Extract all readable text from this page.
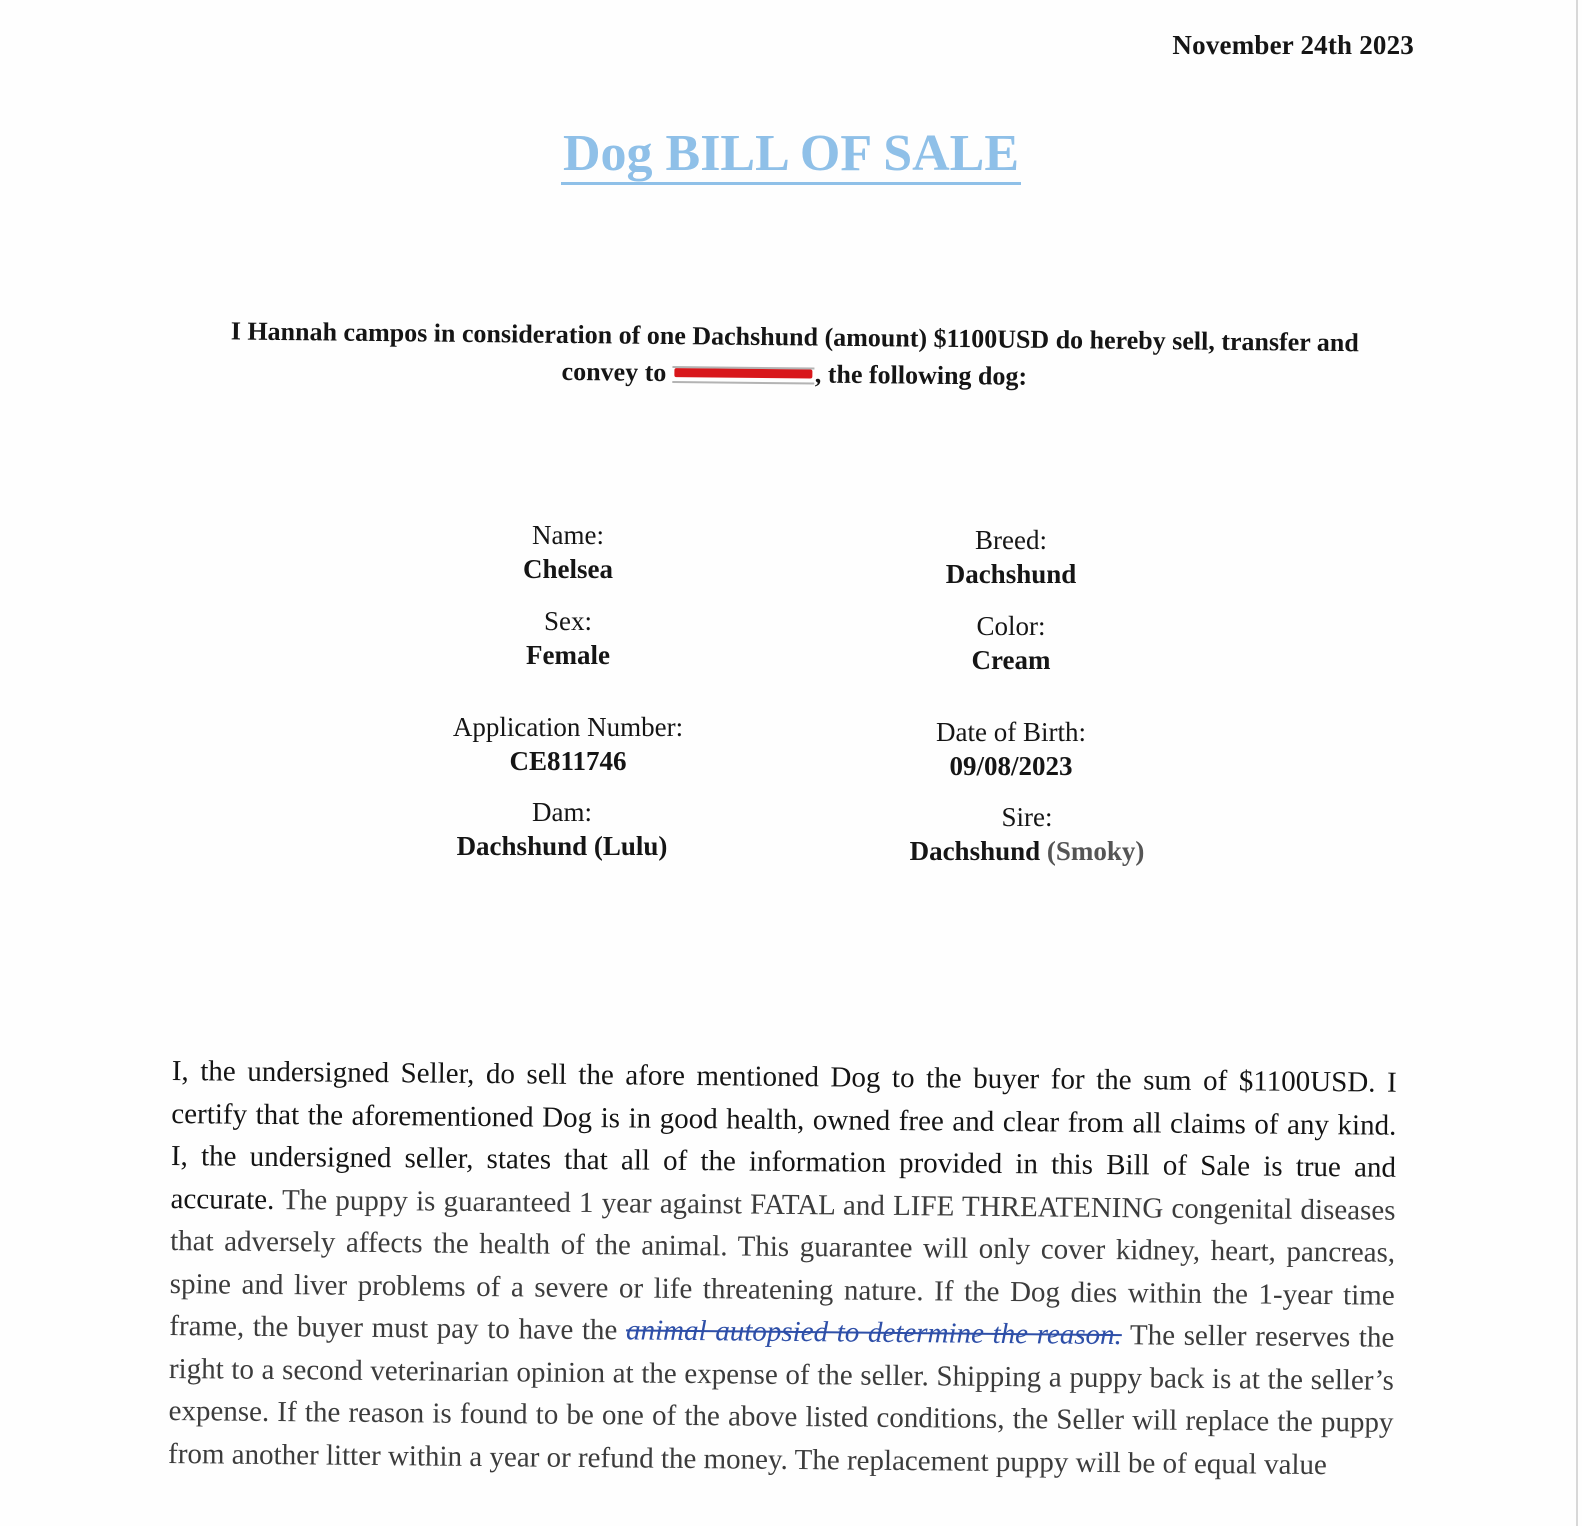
November 24th 2023
Dog BILL OF SALE
I Hannah campos in consideration of one Dachshund (amount) $1100USD do hereby sell, transfer and convey to	, the following dog:
Name:
Chelsea
Sex:
Female
Application Number:
CE811746
Dam:
Dachshund (Lulu)
Breed:
Dachshund
Color:
Cream
Date of Birth:
09/08/2023
Sire:
Dachshund (Smoky)
I, the undersigned Seller, do sell the afore mentioned Dog to the buyer for the sum of $1100USD. I certify that the aforementioned Dog is in good health, owned free and clear from all claims of any kind. I, the undersigned seller, states that all of the information provided in this Bill of Sale is true and accurate. The puppy is guaranteed 1 year against FATAL and LIFE THREATENING congenital diseases that adversely affects the health of the animal. This guarantee will only cover kidney, heart, pancreas, spine and liver problems of a severe or life threatening nature. If the Dog dies within the 1-year time frame, the buyer must pay to have the animal autopsied to determine the reason. The seller reserves the right to a second veterinarian opinion at the expense of the seller. Shipping a puppy back is at the seller’s expense. If the reason is found to be one of the above listed conditions, the Seller will replace the puppy from another litter within a year or refund the money. The replacement puppy will be of equal value
